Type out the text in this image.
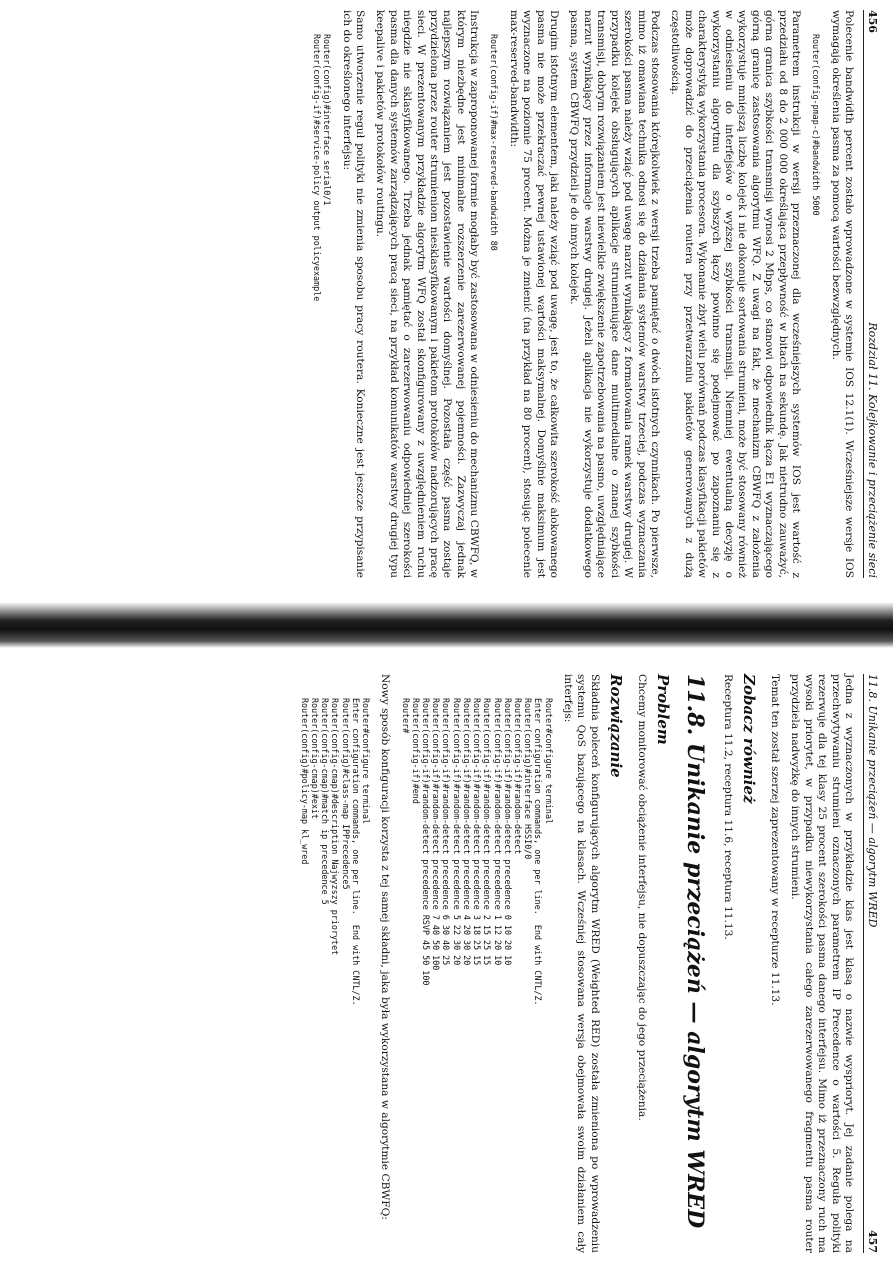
456
Rozdział 11. Kolejkowanie i przeciążenie sieci

Polecenie bandwidth percent zostało wprowadzone w systemie IOS 12.1(1). Wcześniejsze wersje IOS wymagają określenia pasma za pomocą wartości bezwzględnych.

Router(config-pmap-c)#bandwidth 5000

Parametrem instrukcji w wersji przeznaczonej dla wcześniejszych systemów IOS jest wartość z przedziału od 8 do 2 000 000 określająca przepływność w bitach na sekundę. Jak nietrudno zauważyć, górna granica szybkości transmisji wynosi 2 Mbps, co stanowi odpowiednik łącza E1 wyznaczającego górną granicę zastosowania algorytmu WFQ. Z uwagi na fakt, że mechanizm CBWFQ z założenia wykorzystuje mniejszą liczbę kolejek i nie dokonuje sortowania strumieni, może być stosowany również w odniesieniu do interfejsów o wyższej szybkości transmisji. Niemniej ewentualną decyzję o wykorzystaniu algorytmu dla szybszych łączy powinno się podejmować po zapoznaniu się z charakterystyką wykorzystania procesora. Wykonanie zbyt wielu porównań podczas klasyfikacji pakietów może doprowadzić do przeciążenia routera przy przetwarzaniu pakietów generowanych z dużą częstotliwością.

Podczas stosowania którejkolwiek z wersji trzeba pamiętać o dwóch istotnych czynnikach. Po pierwsze, mimo iż omawiana technika odnosi się do działania systemów warstwy trzeciej, podczas wyznaczania szerokości pasma należy wziąć pod uwagę narzut wynikający z formatowania ramek warstwy drugiej. W przypadku kolejek obsługujących aplikacje strumieniujące dane multimedialne o znanej szybkości transmisji, dobrym rozwiązaniem jest niewielkie zwiększenie zapotrzebowania na pasmo, uwzględniające narzut wynikający przez informacje warstwy drugiej. Jeżeli aplikacja nie wykorzystuje dodatkowego pasma, system CBWFQ przydzieli je do innych kolejek.

Drugim istotnym elementem, jaki należy wziąć pod uwagę, jest to, że całkowita szerokość alokowanego pasma nie może przekraczać pewnej ustawionej wartości maksymalnej. Domyślnie maksimum jest wyznaczone na poziomie 75 procent. Można je zmienić (na przykład na 80 procent), stosując polecenie max-reserved-bandwidth:

Router(config-if)#max-reserved-bandwidth 80

Instrukcja w zaproponowanej formie mogłaby być zastosowana w odniesieniu do mechanizmu CBWFQ, w którym niezbędne jest minimalne rozszerzenie zarezerwowanej pojemności. Zazwyczaj jednak najlepszym rozwiązaniem jest pozostawienie wartości domyślnej. Pozostała część pasma zostaje przydzielona przez router strumieniom niesklasyfikowanym i pakietom protokołów nadzorujących pracę sieci. W prezentowanym przykładzie algorytm WFQ został skonfigurowany z uwzględnieniem ruchu niegdzie nie sklasyfikowanego. Trzeba jednak pamiętać o zarezerwowaniu odpowiedniej szerokości pasma dla danych systemów zarządzających pracą sieci, na przykład komunikatów warstwy drugiej typu keepalive i pakietów protokołów routingu.

Samo utworzenie reguł polityki nie zmienia sposobu pracy routera. Konieczne jest jeszcze przypisanie ich do określonego interfejsu:

Router(config)#interface serial0/1
Router(config-if)#service-policy output policyexample
11.8. Unikanie przeciążeń — algorytm WRED
457

Jedna z wyznaczonych w przykładzie klas jest klasą o nazwie wysprioryt. Jej zadanie polega na przechwytywaniu strumieni oznaczonych parametrem IP Precedence o wartości 5. Reguła polityki rezerwuje dla tej klasy 25 procent szerokości pasma danego interfejsu. Mimo iż przeznaczony ruch ma wysoki priorytet, w przypadku niewykorzystania całego zarezerwowanego fragmentu pasma router przydziela nadwyżkę do innych strumieni.

Temat ten został szerzej zaprezentowany w recepturze 11.13.

Zobacz również

Receptura 11.2, receptura 11.6, receptura 11.13.

11.8. Unikanie przeciążeń — algorytm WRED
Problem

Chcemy monitorować obciążenie interfejsu, nie dopuszczając do jego przeciążenia.

Rozwiązanie

Składnia poleceń konfigurujących algorytm WRED (Weighted RED) została zmieniona po wprowadzeniu systemu QoS bazującego na klasach. Wcześniej stosowana wersja obejmowała swoim działaniem cały interfejs:

Router#configure terminal
Enter configuration commands, one per line.  End with CNTL/Z.
Router(config)#interface HSSI0/0
Router(config-if)#random-detect
Router(config-if)#random-detect precedence 0 10 20 10
Router(config-if)#random-detect precedence 1 12 20 10
Router(config-if)#random-detect precedence 2 15 25 15
Router(config-if)#random-detect precedence 3 18 25 15
Router(config-if)#random-detect precedence 4 20 30 20
Router(config-if)#random-detect precedence 5 22 30 20
Router(config-if)#random-detect precedence 6 30 40 25
Router(config-if)#random-detect precedence 7 40 50 100
Router(config-if)#random-detect precedence RSVP 45 50 100
Router(config-if)#end
Router#

Nowy sposób konfiguracji korzysta z tej samej składni, jaka była wykorzystana w algorytmie CBWFQ:

Router#configure terminal
Enter configuration commands, one per line.  End with CNTL/Z.
Router(config)#class-map IPPrecedence5
Router(config-cmap)#description Najwyzszy priorytet
Router(config-cmap)#match ip precedence 5
Router(config-cmap)#exit
Router(config)#policy-map kl_wred
